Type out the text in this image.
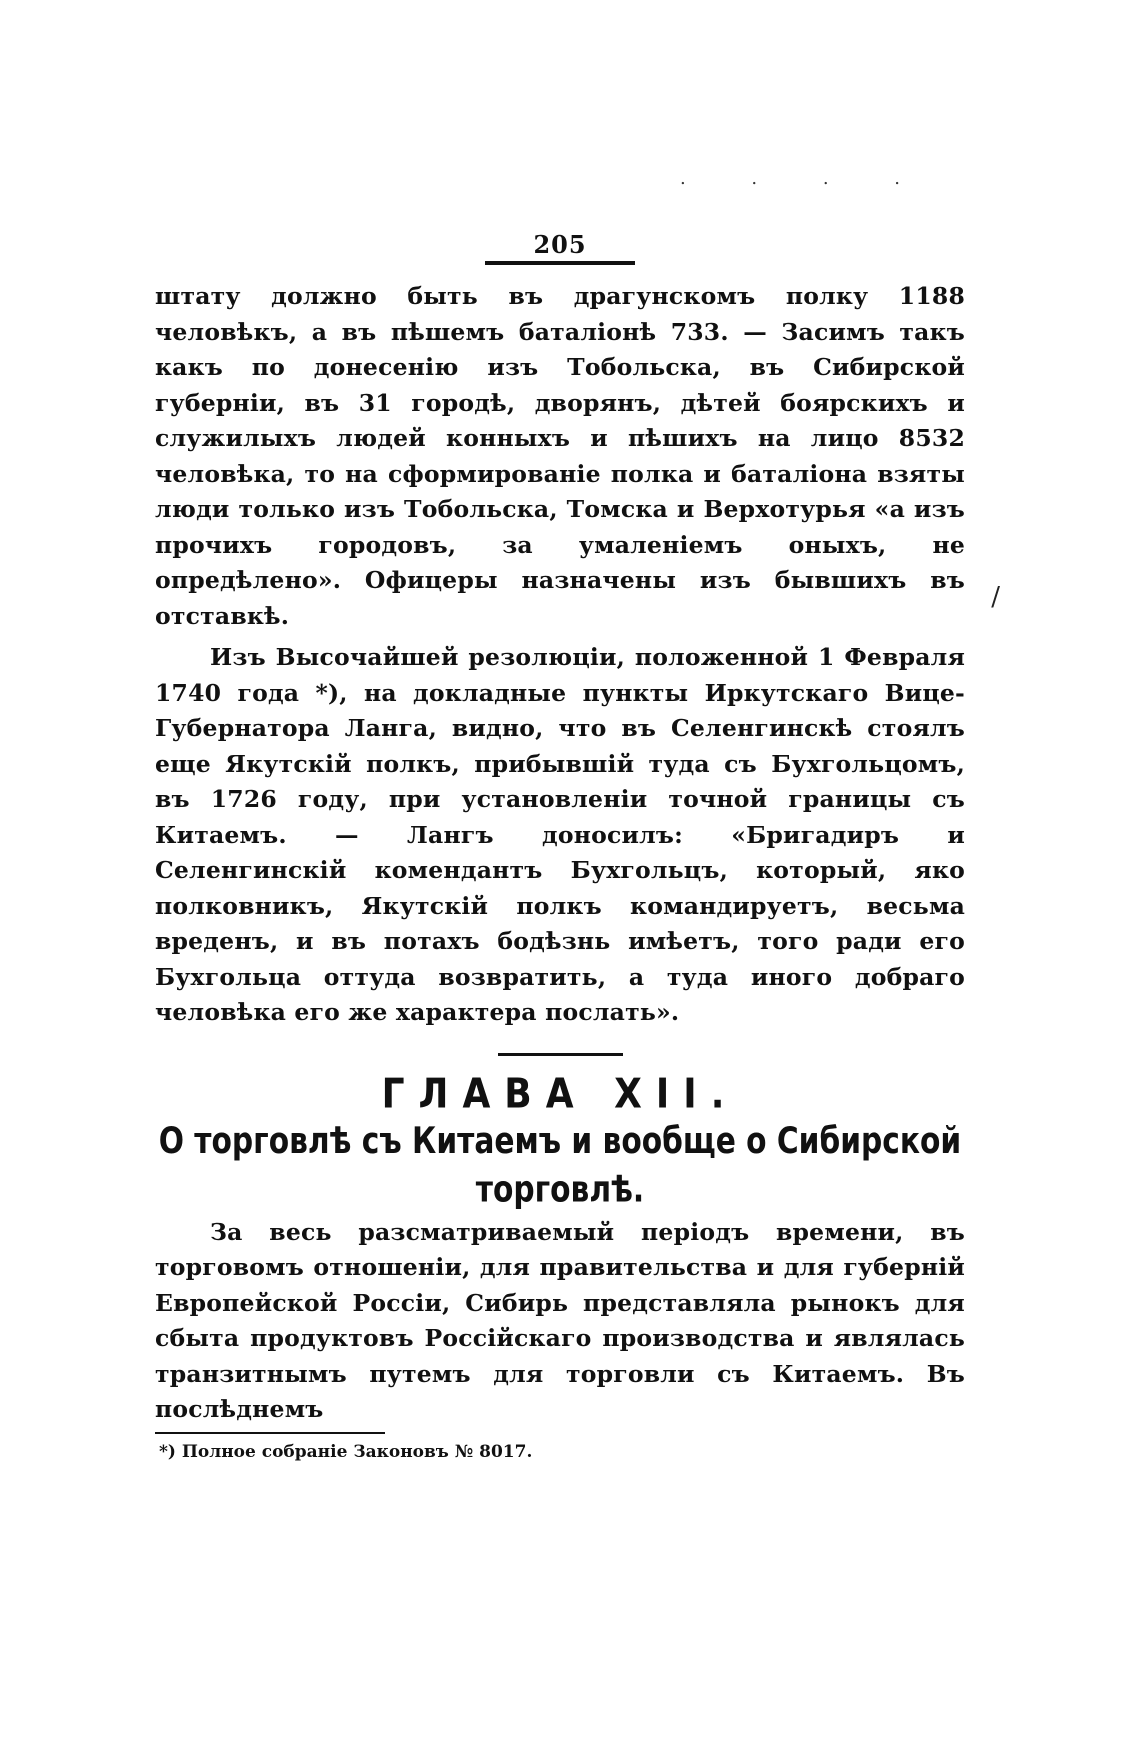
. . . .
/
205

штату должно быть въ драгунскомъ полку 1188 человѣкъ, а въ пѣшемъ баталіонѣ 733. — Засимъ такъ какъ по донесенію изъ Тобольска, въ Сибирской губерніи, въ 31 городѣ, дворянъ, дѣтей боярскихъ и служилыхъ людей конныхъ и пѣшихъ на лицо 8532 человѣка, то на сформированіе полка и баталіона взяты люди только изъ Тобольска, Томска и Верхотурья «а изъ прочихъ городовъ, за умаленіемъ оныхъ, не опредѣлено». Офицеры назначены изъ бывшихъ въ отставкѣ.

Изъ Высочайшей резолюціи, положенной 1 Февраля 1740 года *), на докладные пункты Иркутскаго Вице-Губернатора Ланга, видно, что въ Селенгинскѣ стоялъ еще Якутскій полкъ, прибывшій туда съ Бухгольцомъ, въ 1726 году, при установленіи точной границы съ Китаемъ. — Лангъ доносилъ: «Бригадиръ и Селенгинскій комендантъ Бухгольцъ, который, яко полковникъ, Якутскій полкъ командируетъ, весьма вреденъ, и въ потахъ бодѣзнь имѣетъ, того ради его Бухгольца оттуда возвратить, а туда иного добраго человѣка его же характера послать».

ГЛАВА XII.
О торговлѣ съ Китаемъ и вообще о Сибирской торговлѣ.

За весь разсматриваемый періодъ времени, въ торговомъ отношеніи, для правительства и для губерній Европейской Россіи, Сибирь представляла рынокъ для сбыта продуктовъ Россійскаго производства и являлась транзитнымъ путемъ для торговли съ Китаемъ. Въ послѣднемъ

*) Полное собраніе Законовъ № 8017.
